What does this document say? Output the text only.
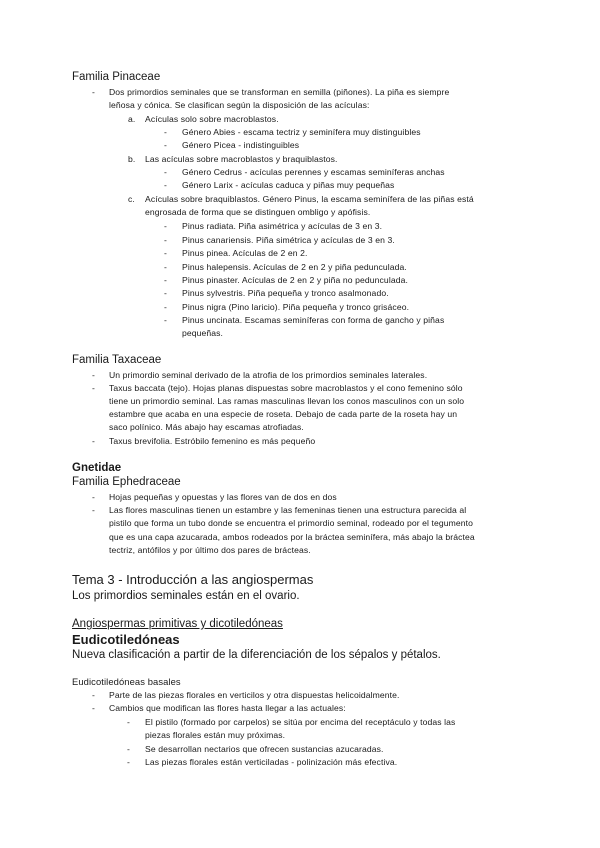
Familia Pinaceae
- Dos primordios seminales que se transforman en semilla (piñones). La piña es siempre
leñosa y cónica. Se clasifican según la disposición de las acículas:
a. Acículas solo sobre macroblastos.
- Género Abies - escama tectriz y seminífera muy distinguibles
- Género Picea - indistinguibles
b. Las acículas sobre macroblastos y braquiblastos.
- Género Cedrus - acículas perennes y escamas seminíferas anchas
- Género Larix - acículas caduca y piñas muy pequeñas
c. Acículas sobre braquiblastos. Género Pinus, la escama seminífera de las piñas está
engrosada de forma que se distinguen ombligo y apófisis.
- Pinus radiata. Piña asimétrica y acículas de 3 en 3.
- Pinus canariensis. Piña simétrica y acículas de 3 en 3.
- Pinus pinea. Acículas de 2 en 2.
- Pinus halepensis. Acículas de 2 en 2 y piña pedunculada.
- Pinus pinaster. Acículas de 2 en 2 y piña no pedunculada.
- Pinus sylvestris. Piña pequeña y tronco asalmonado.
- Pinus nigra (Pino laricio). Piña pequeña y tronco grisáceo.
- Pinus uncinata. Escamas seminíferas con forma de gancho y piñas
pequeñas.
Familia Taxaceae
- Un primordio seminal derivado de la atrofia de los primordios seminales laterales.
- Taxus baccata (tejo). Hojas planas dispuestas sobre macroblastos y el cono femenino sólo
tiene un primordio seminal. Las ramas masculinas llevan los conos masculinos con un solo
estambre que acaba en una especie de roseta. Debajo de cada parte de la roseta hay un
saco polínico. Más abajo hay escamas atrofiadas.
- Taxus brevifolia. Estróbilo femenino es más pequeño
Gnetidae
Familia Ephedraceae
- Hojas pequeñas y opuestas y las flores van de dos en dos
- Las flores masculinas tienen un estambre y las femeninas tienen una estructura parecida al
pistilo que forma un tubo donde se encuentra el primordio seminal, rodeado por el tegumento
que es una capa azucarada, ambos rodeados por la bráctea seminífera, más abajo la bráctea
tectriz, antófilos y por último dos pares de brácteas.
Tema 3 - Introducción a las angiospermas
Los primordios seminales están en el ovario.
Angiospermas primitivas y dicotiledóneas
Eudicotiledóneas
Nueva clasificación a partir de la diferenciación de los sépalos y pétalos.
Eudicotiledóneas basales
- Parte de las piezas florales en verticilos y otra dispuestas helicoidalmente.
- Cambios que modifican las flores hasta llegar a las actuales:
- El pistilo (formado por carpelos) se sitúa por encima del receptáculo y todas las
piezas florales están muy próximas.
- Se desarrollan nectarios que ofrecen sustancias azucaradas.
- Las piezas florales están verticiladas - polinización más efectiva.
